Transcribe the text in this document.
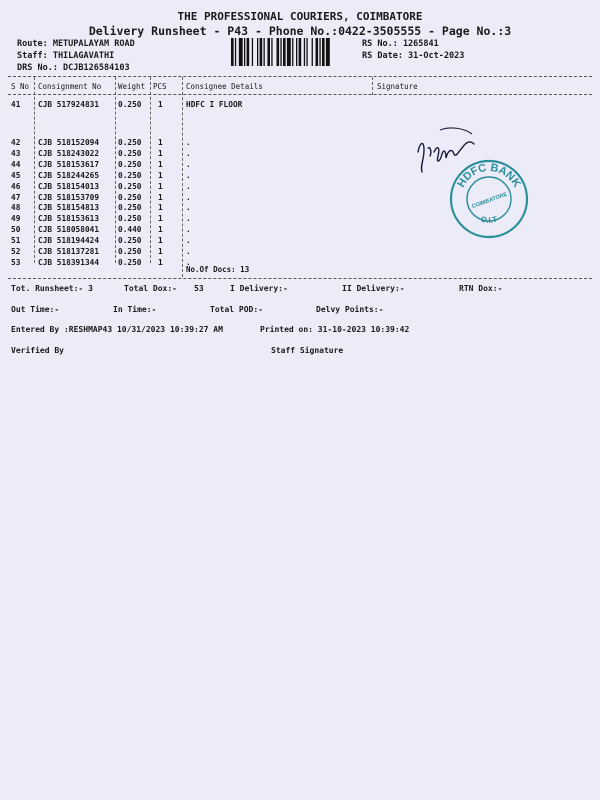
THE PROFESSIONAL COURIERS, COIMBATORE
Delivery Runsheet - P43 - Phone No.:0422-3505555 - Page No.:3
Route: METUPALAYAM ROAD
Staff: THILAGAVATHI
DRS No.: DCJB126584103
RS No.: 1265841
RS Date: 31-Oct-2023
S No Consignment No Weight PCS	Consignee Details	Signature
41 CJB 517924831 0.250 1	HDFC I FLOOR
42 CJB 518152094 0.250 1	.
43 CJB 518243022 0.250 1	.
44 CJB 518153617 0.250 1	.
45 CJB 518244265 0.250 1	.
46 CJB 518154013 0.250 1	.
47 CJB 518153709 0.250 1	.
48 CJB 518154813 0.250 1	.
49 CJB 518153613 0.250 1	.
50 CJB 518058041 0.440 1	.
51 CJB 518194424 0.250 1	.
52 CJB 518137281 0.250 1	.
53 CJB 518391344 0.250 1	.
No.Of Docs: 13
HDFC BANK
O.I.T
COIMBATORE
Tot. Runsheet:- 3	Total Dox:- 53	I Delivery:-	II Delivery:-	RTN Dox:-
Out Time:-	In Time:-	Total POD:-	Delvy Points:-
Entered By :RESHMAP43 10/31/2023 10:39:27 AM	Printed on: 31-10-2023 10:39:42
Verified By	Staff Signature
